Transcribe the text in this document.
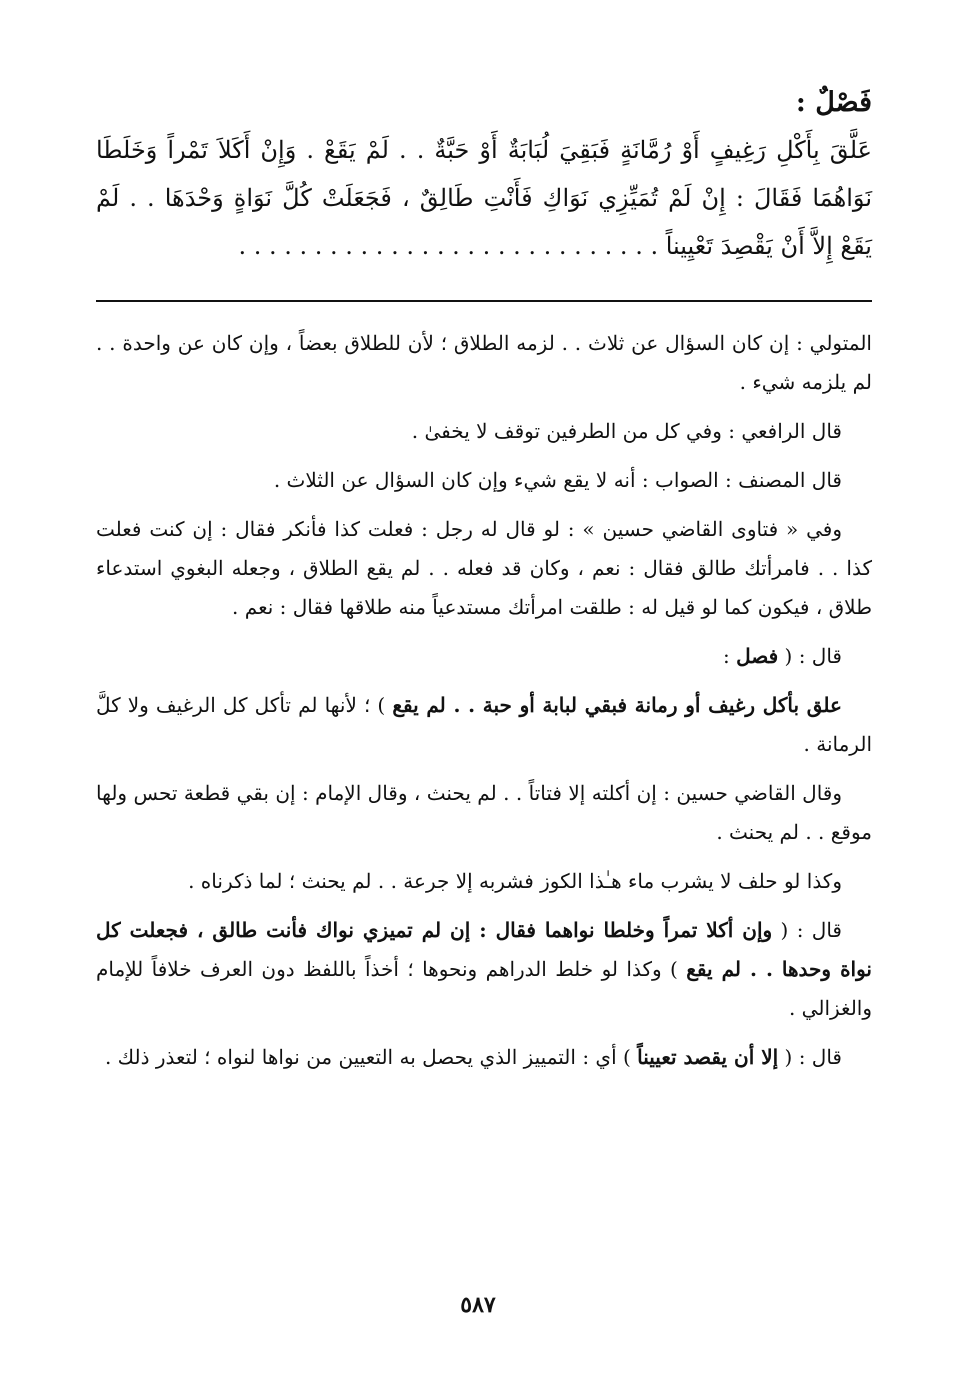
فَصْلٌ :

عَلَّقَ بِأَكْلِ رَغِيفٍ أَوْ رُمَّانَةٍ فَبَقِيَ لُبَابَةٌ أَوْ حَبَّةٌ . . لَمْ يَقَعْ . وَإِنْ أَكَلاَ تَمْراً وَخَلَطَا نَوَاهُمَا فَقَالَ : إِنْ لَمْ تُمَيِّزِي نَوَاكِ فَأَنْتِ طَالِقٌ ، فَجَعَلَتْ كُلَّ نَوَاةٍ وَحْدَهَا . . لَمْ يَقَعْ إِلاَّ أَنْ يَقْصِدَ تَعْيِيناً . . . . . . . . . . . . . . . . . . . . . . . . . . . .

المتولي : إن كان السؤال عن ثلاث . . لزمه الطلاق ؛ لأن للطلاق بعضاً ، وإن كان عن واحدة . . لم يلزمه شيء .

قال الرافعي : وفي كل من الطرفين توقف لا يخفىٰ .

قال المصنف : الصواب : أنه لا يقع شيء وإن كان السؤال عن الثلاث .

وفي « فتاوى القاضي حسين » : لو قال له رجل : فعلت كذا فأنكر فقال : إن كنت فعلت كذا . . فامرأتك طالق فقال : نعم ، وكان قد فعله . . لم يقع الطلاق ، وجعله البغوي استدعاء طلاق ، فيكون كما لو قيل له : طلقت امرأتك مستدعياً منه طلاقها فقال : نعم .

قال : ( فصل :

علق بأكل رغيف أو رمانة فبقي لبابة أو حبة . . لم يقع ) ؛ لأنها لم تأكل كل الرغيف ولا كلَّ الرمانة .

وقال القاضي حسين : إن أكلته إلا فتاتاً . . لم يحنث ، وقال الإمام : إن بقي قطعة تحس ولها موقع . . لم يحنث .

وكذا لو حلف لا يشرب ماء هـٰذا الكوز فشربه إلا جرعة . . لم يحنث ؛ لما ذكرناه .

قال : ( وإن أكلا تمراً وخلطا نواهما فقال : إن لم تميزي نواك فأنت طالق ، فجعلت كل نواة وحدها . . لم يقع ) وكذا لو خلط الدراهم ونحوها ؛ أخذاً باللفظ دون العرف خلافاً للإمام والغزالي .

قال : ( إلا أن يقصد تعييناً ) أي : التمييز الذي يحصل به التعيين من نواها لنواه ؛ لتعذر ذلك .

٥٨٧
